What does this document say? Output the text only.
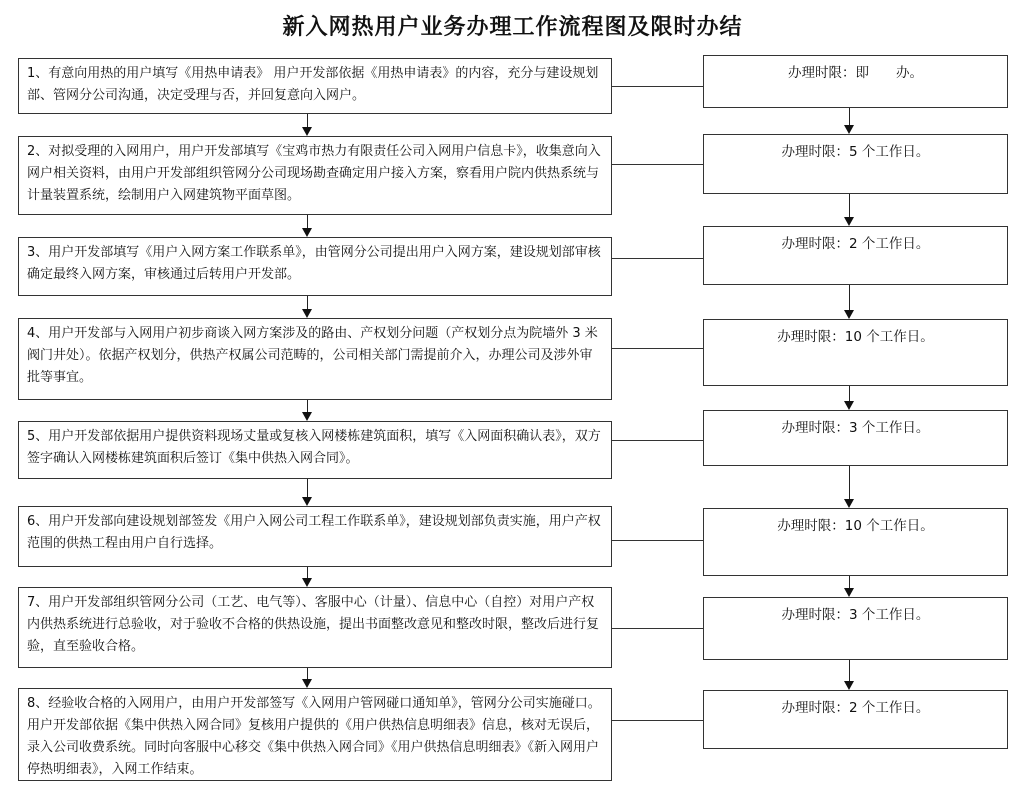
新入网热用户业务办理工作流程图及限时办结
1、有意向用热的用户填写《用热申请表》 用户开发部依据《用热申请表》的内容，充分与建设规划部、管网分公司沟通，决定受理与否，并回复意向入网户。
办理时限：即　　办。
2、对拟受理的入网用户，用户开发部填写《宝鸡市热力有限责任公司入网用户信息卡》，收集意向入网户相关资料，由用户开发部组织管网分公司现场勘查确定用户接入方案，察看用户院内供热系统与计量装置系统，绘制用户入网建筑物平面草图。
办理时限：5 个工作日。
3、用户开发部填写《用户入网方案工作联系单》，由管网分公司提出用户入网方案，建设规划部审核确定最终入网方案，审核通过后转用户开发部。
办理时限：2 个工作日。
4、用户开发部与入网用户初步商谈入网方案涉及的路由、产权划分问题（产权划分点为院墙外 3 米阀门井处）。依据产权划分，供热产权属公司范畴的，公司相关部门需提前介入，办理公司及涉外审批等事宜。
办理时限：10 个工作日。
5、用户开发部依据用户提供资料现场丈量或复核入网楼栋建筑面积，填写《入网面积确认表》，双方签字确认入网楼栋建筑面积后签订《集中供热入网合同》。
办理时限：3 个工作日。
6、用户开发部向建设规划部签发《用户入网公司工程工作联系单》，建设规划部负责实施，用户产权范围的供热工程由用户自行选择。
办理时限：10 个工作日。
7、用户开发部组织管网分公司（工艺、电气等）、客服中心（计量）、信息中心（自控）对用户产权内供热系统进行总验收，对于验收不合格的供热设施，提出书面整改意见和整改时限，整改后进行复验，直至验收合格。
办理时限：3 个工作日。
8、经验收合格的入网用户，由用户开发部签写《入网用户管网碰口通知单》，管网分公司实施碰口。用户开发部依据《集中供热入网合同》复核用户提供的《用户供热信息明细表》信息，核对无误后，录入公司收费系统。同时向客服中心移交《集中供热入网合同》《用户供热信息明细表》《新入网用户停热明细表》，入网工作结束。
办理时限：2 个工作日。
